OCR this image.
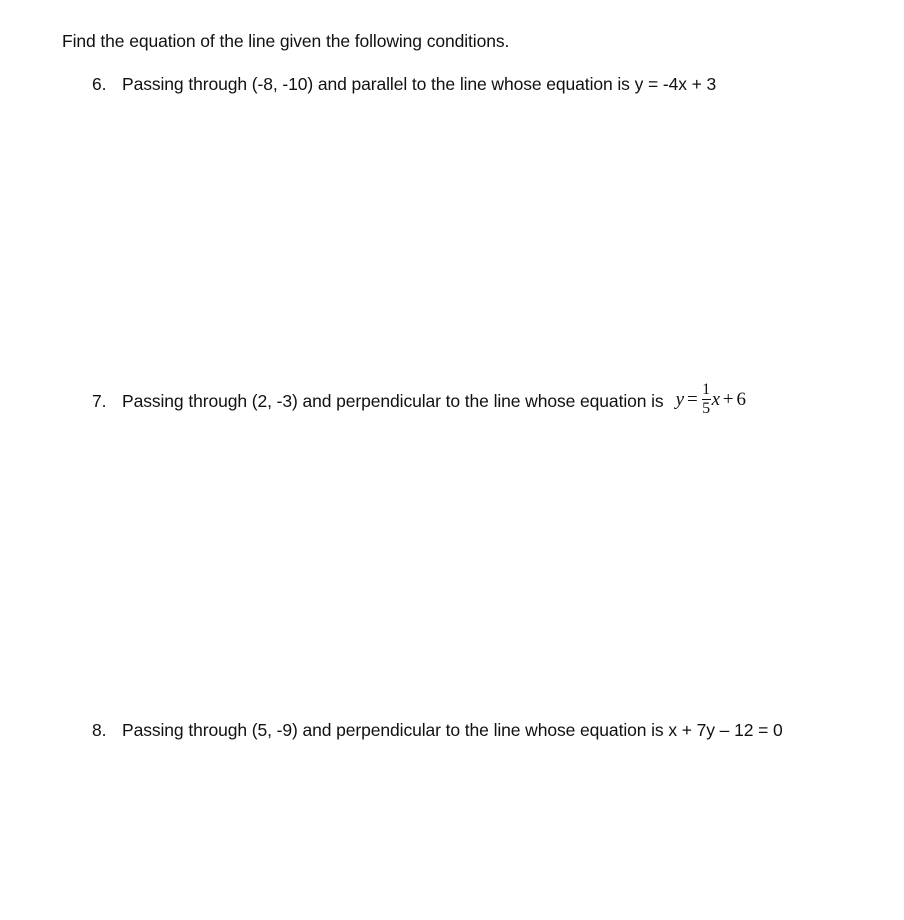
Find the equation of the line given the following conditions.
6. Passing through (-8, -10) and parallel to the line whose equation is y = -4x + 3
7. Passing through (2, -3) and perpendicular to the line whose equation is $y = \frac{1}{5}$ x + 6
8. Passing through (5, -9) and perpendicular to the line whose equation is x + 7y – 12 = 0
